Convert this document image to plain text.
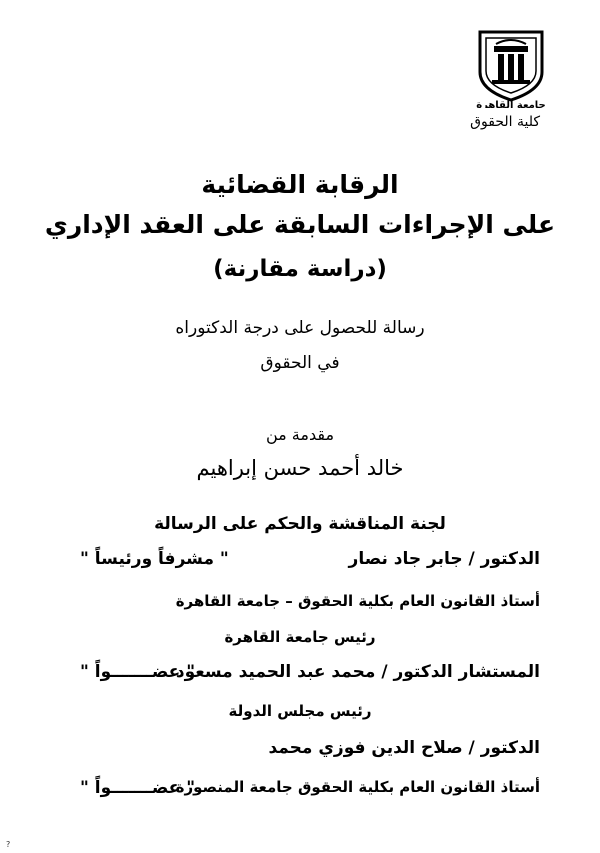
جامعة القاهرة
كلية الحقوق
الرقابة القضائية
على الإجراءات السابقة على العقد الإداري
(دراسة مقارنة)
رسالة للحصول على درجة الدكتوراه
في الحقوق
مقدمة من
خالد أحمد حسن إبراهيم
لجنة المناقشة والحكم على الرسالة
الدكتور / جابر جاد نصار
" مشرفاً ورئيساً "
أستاذ القانون العام بكلية الحقوق – جامعة القاهرة
رئيس جامعة القاهرة
المستشار الدكتور / محمد عبد الحميد مسعود
" عضـــــــواً "
رئيس مجلس الدولة
الدكتور / صلاح الدين فوزي محمد
أستاذ القانون العام بكلية الحقوق جامعة المنصورة
" عضـــــــواً "
?
